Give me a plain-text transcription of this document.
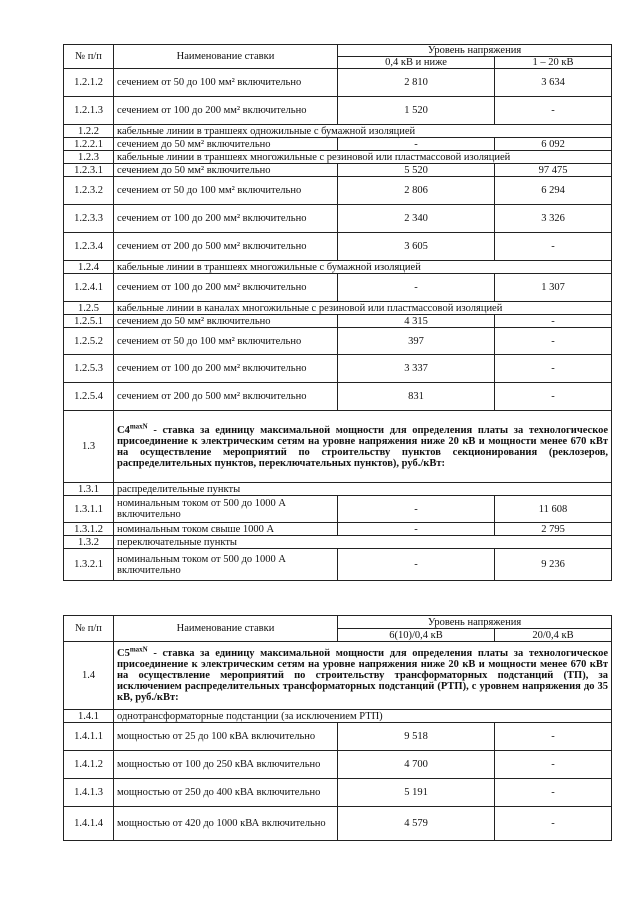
№ п/п	Наименование ставки	Уровень напряжения	
		0,4 кВ и ниже	1 – 20 кВ
1.2.1.2	сечением от 50 до 100 мм² включительно	2 810	3 634
1.2.1.3	сечением от 100 до 200 мм² включительно	1 520	-
1.2.2	кабельные линии в траншеях одножильные с бумажной изоляцией		
1.2.2.1	сечением до 50 мм² включительно	-	6 092
1.2.3	кабельные линии в траншеях многожильные с резиновой или пластмассовой изоляцией		
1.2.3.1	сечением до 50 мм² включительно	5 520	97 475
1.2.3.2	сечением от 50 до 100 мм² включительно	2 806	6 294
1.2.3.3	сечением от 100 до 200 мм² включительно	2 340	3 326
1.2.3.4	сечением от 200 до 500 мм² включительно	3 605	-
1.2.4	кабельные линии в траншеях многожильные с бумажной изоляцией		
1.2.4.1	сечением от 100 до 200 мм² включительно	-	1 307
1.2.5	кабельные линии в каналах многожильные с резиновой или пластмассовой изоляцией		
1.2.5.1	сечением до 50 мм² включительно	4 315	-
1.2.5.2	сечением от 50 до 100 мм² включительно	397	-
1.2.5.3	сечением от 100 до 200 мм² включительно	3 337	-
1.2.5.4	сечением от 200 до 500 мм² включительно	831	-
1.3	$C4^{maxN}$ - ставка за единицу максимальной мощности для определения платы за технологическое присоединение к электрическим сетям на уровне напряжения ниже 20 кВ и мощности менее 670 кВт на осуществление мероприятий по строительству пунктов секционирования (реклозеров, распределительных пунктов, переключательных пунктов), руб./кВт:		
1.3.1	распределительные пункты		
1.3.1.1	номинальным током от 500 до 1000 А включительно	-	11 608
1.3.1.2	номинальным током свыше 1000 А	-	2 795
1.3.2	переключательные пункты		
1.3.2.1	номинальным током от 500 до 1000 А включительно	-	9 236
№ п/п	Наименование ставки	Уровень напряжения	
		6(10)/0,4 кВ	20/0,4 кВ
1.4	$C5^{maxN}$ - ставка за единицу максимальной мощности для определения платы за технологическое присоединение к электрическим сетям на уровне напряжения ниже 20 кВ и мощности менее 670 кВт на осуществление мероприятий по строительству трансформаторных подстанций (ТП), за исключением распределительных трансформаторных подстанций (РТП), с уровнем напряжения до 35 кВ, руб./кВт:		
1.4.1	однотрансформаторные подстанции (за исключением РТП)		
1.4.1.1	мощностью от 25 до 100 кВА включительно	9 518	-
1.4.1.2	мощностью от 100 до 250 кВА включительно	4 700	-
1.4.1.3	мощностью от 250 до 400 кВА включительно	5 191	-
1.4.1.4	мощностью от 420 до 1000 кВА включительно	4 579	-
